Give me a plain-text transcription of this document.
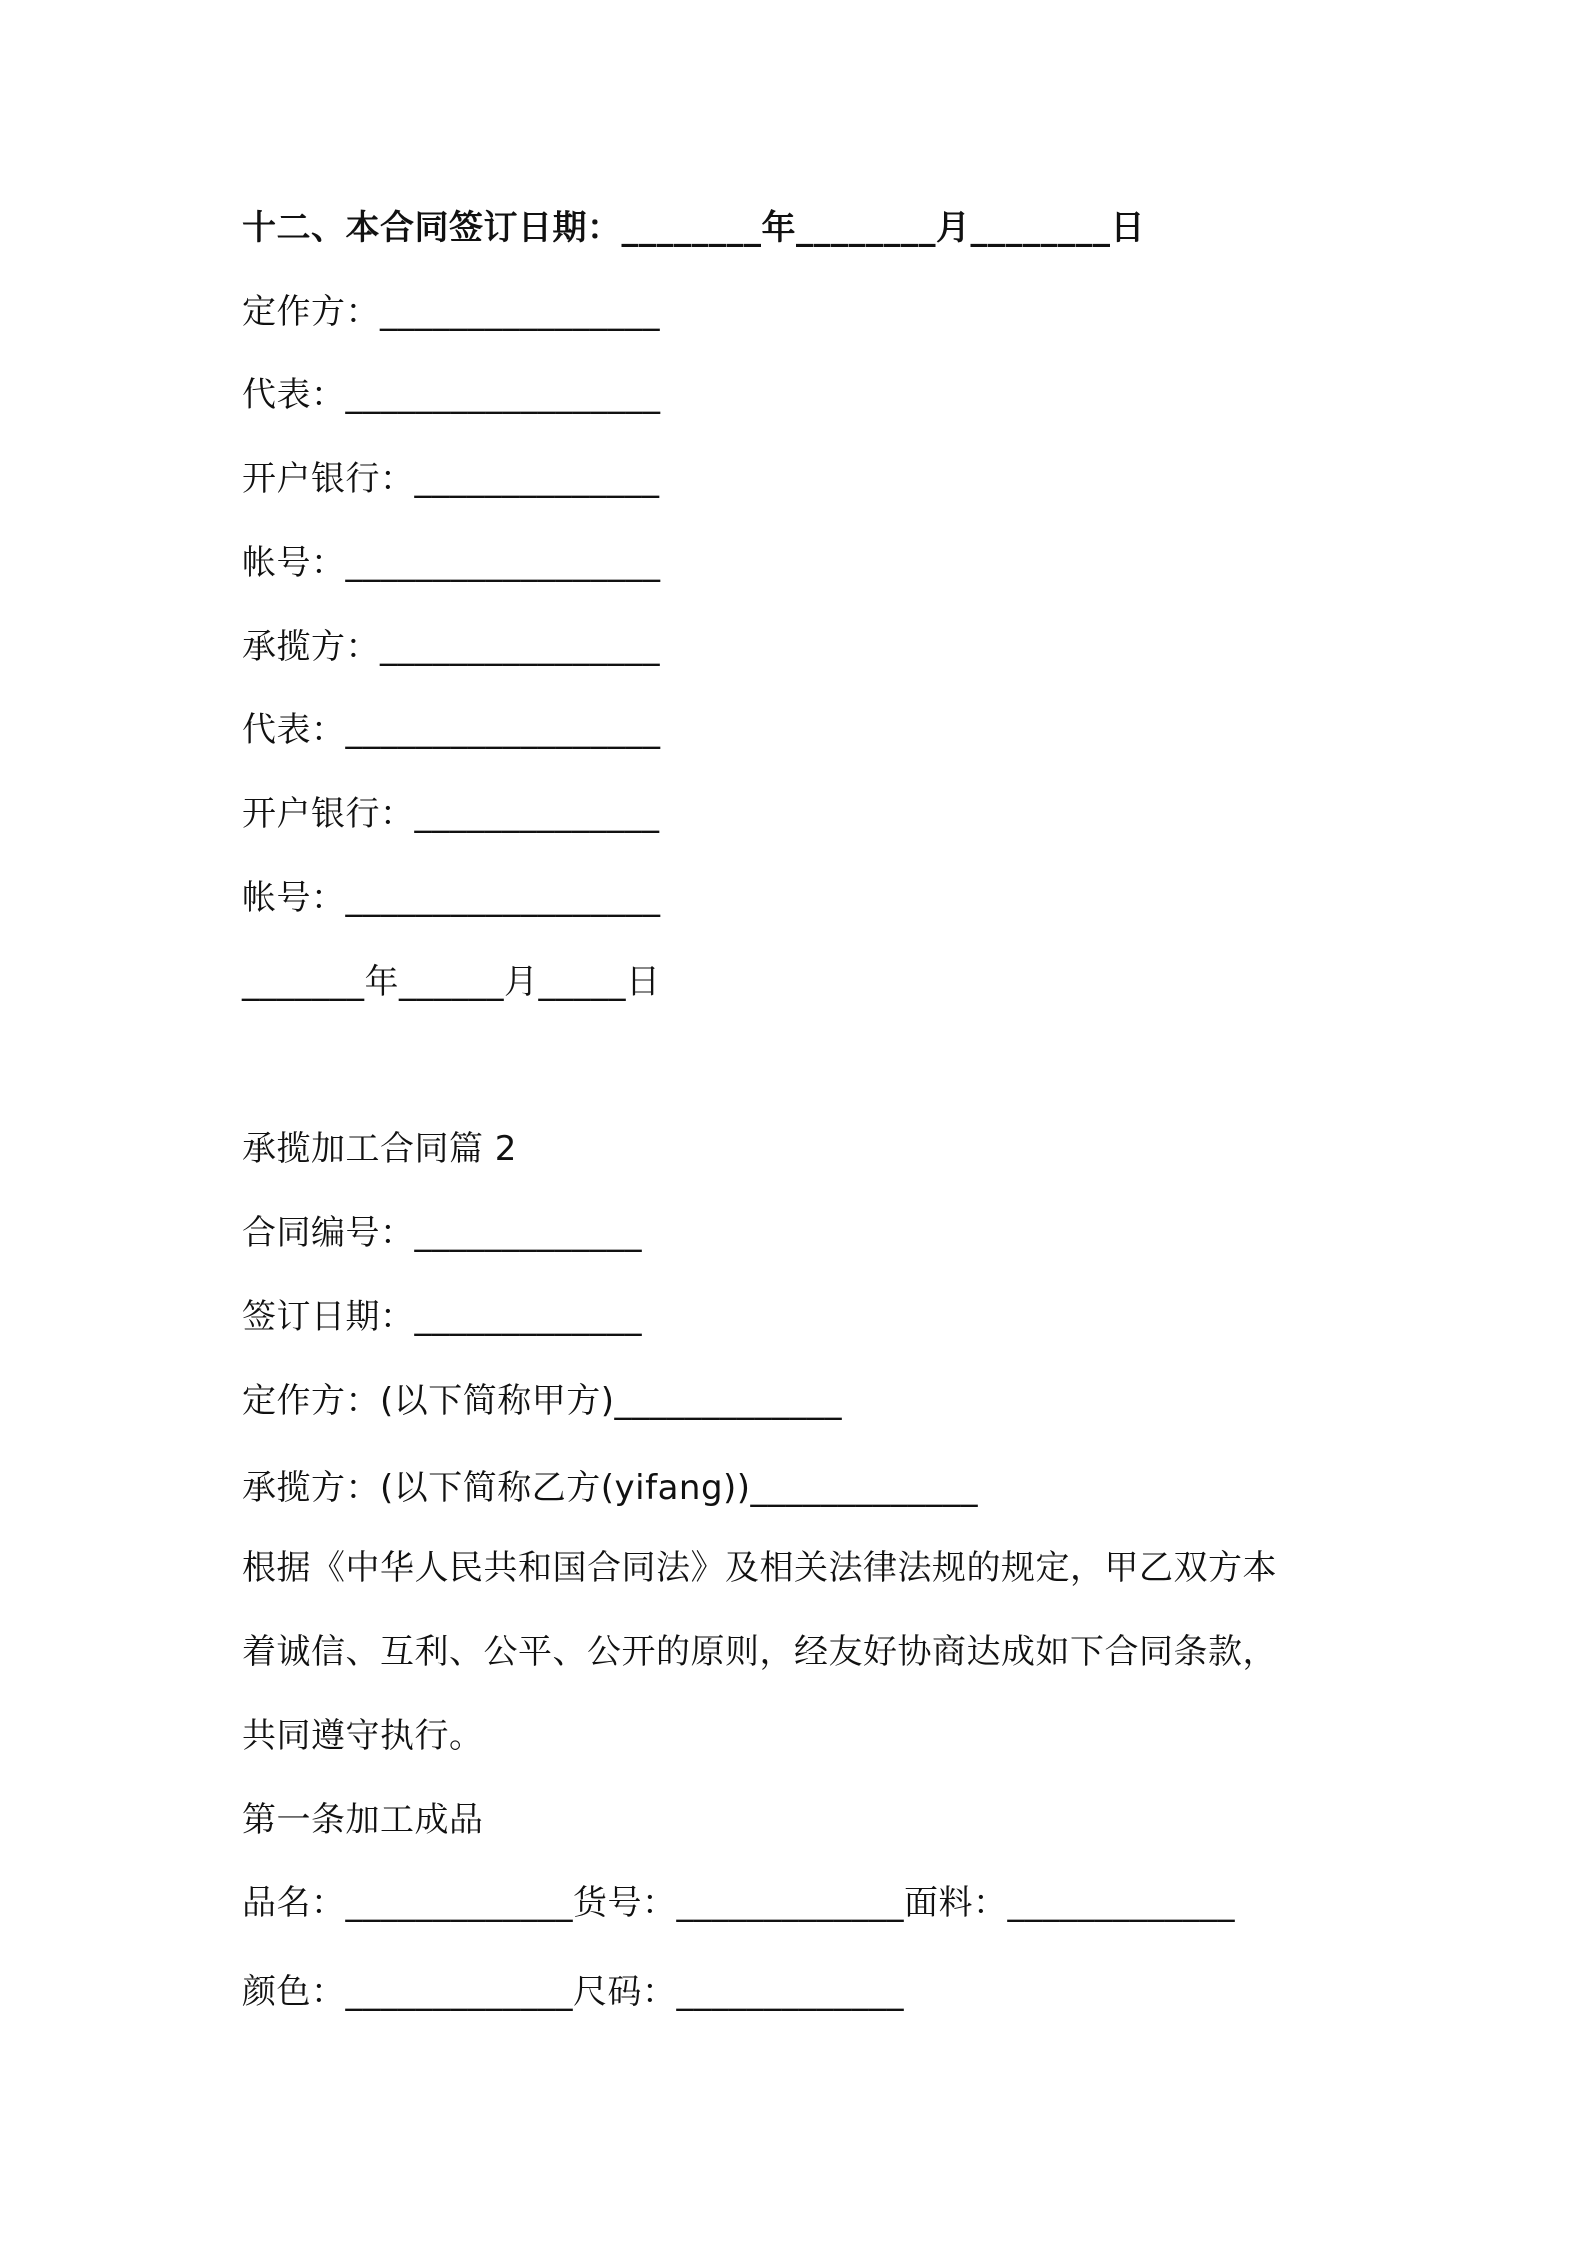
十二、本合同签订日期：________年________月________日
定作方：________________
代表：__________________
开户银行：______________
帐号：__________________
承揽方：________________
代表：__________________
开户银行：______________
帐号：__________________
_______年______月_____日
承揽加工合同篇 2
合同编号：_____________
签订日期：_____________
定作方：(以下简称甲方)_____________
承揽方：(以下简称乙方(yifang))_____________
根据《中华人民共和国合同法》及相关法律法规的规定，甲乙双方本
着诚信、互利、公平、公开的原则，经友好协商达成如下合同条款，
共同遵守执行。
第一条加工成品
品名：_____________货号：_____________面料：_____________
颜色：_____________尺码：_____________
